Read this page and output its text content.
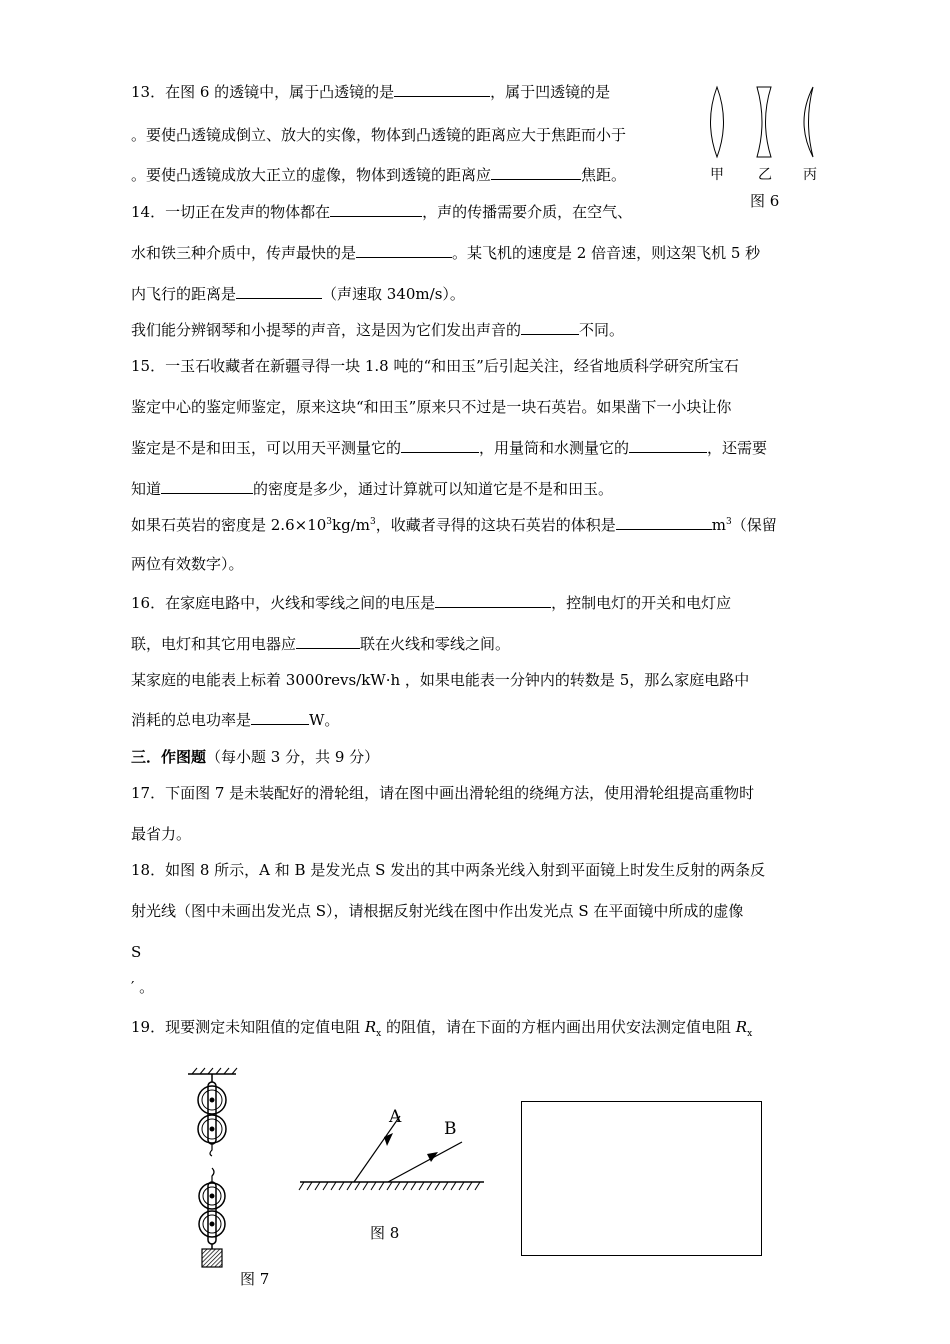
13．在图 6 的透镜中，属于凸透镜的是	，属于凹透镜的是
。要使凸透镜成倒立、放大的实像，物体到凸透镜的距离应大于焦距而小于
。要使凸透镜成放大正立的虚像，物体到透镜的距离应	焦距。	甲 乙 丙
图 6
14．一切正在发声的物体都在	，声的传播需要介质，在空气、
水和铁三种介质中，传声最快的是	。某飞机的速度是 2 倍音速，则这架飞机 5 秒
内飞行的距离是	（声速取 340m/s）。
我们能分辨钢琴和小提琴的声音，这是因为它们发出声音的	不同。
15．一玉石收藏者在新疆寻得一块 1.8 吨的“和田玉”后引起关注，经省地质科学研究所宝石
鉴定中心的鉴定师鉴定，原来这块“和田玉”原来只不过是一块石英岩。如果凿下一小块让你
鉴定是不是和田玉，可以用天平测量它的	，用量筒和水测量它的	，还需要
知道	的密度是多少，通过计算就可以知道它是不是和田玉。
如果石英岩的密度是 $2.6\times 10^3kg/m^3$，收藏者寻得的这块石英岩的体积是	$m^3$（保留
两位有效数字）。
16．在家庭电路中，火线和零线之间的电压是	，控制电灯的开关和电灯应
联，电灯和其它用电器应	联在火线和零线之间。
某家庭的电能表上标着 3000revs/kW·h ，如果电能表一分钟内的转数是 5，那么家庭电路中
消耗的总电功率是	W。
三．作图题（每小题 3 分，共 9 分）
17．下面图 7 是未装配好的滑轮组，请在图中画出滑轮组的绕绳方法，使用滑轮组提高重物时
最省力。
18．如图 8 所示，A 和 B 是发光点 S 发出的其中两条光线入射到平面镜上时发生反射的两条反
射光线（图中未画出发光点 S），请根据反射光线在图中作出发光点 S 在平面镜中所成的虚像
S
′ 。
19．现要测定未知阻值的定值电阻 $R_x$ 的阻值，请在下面的方框内画出用伏安法测定值电阻 $R_x$
图 7
A
B
图 8
